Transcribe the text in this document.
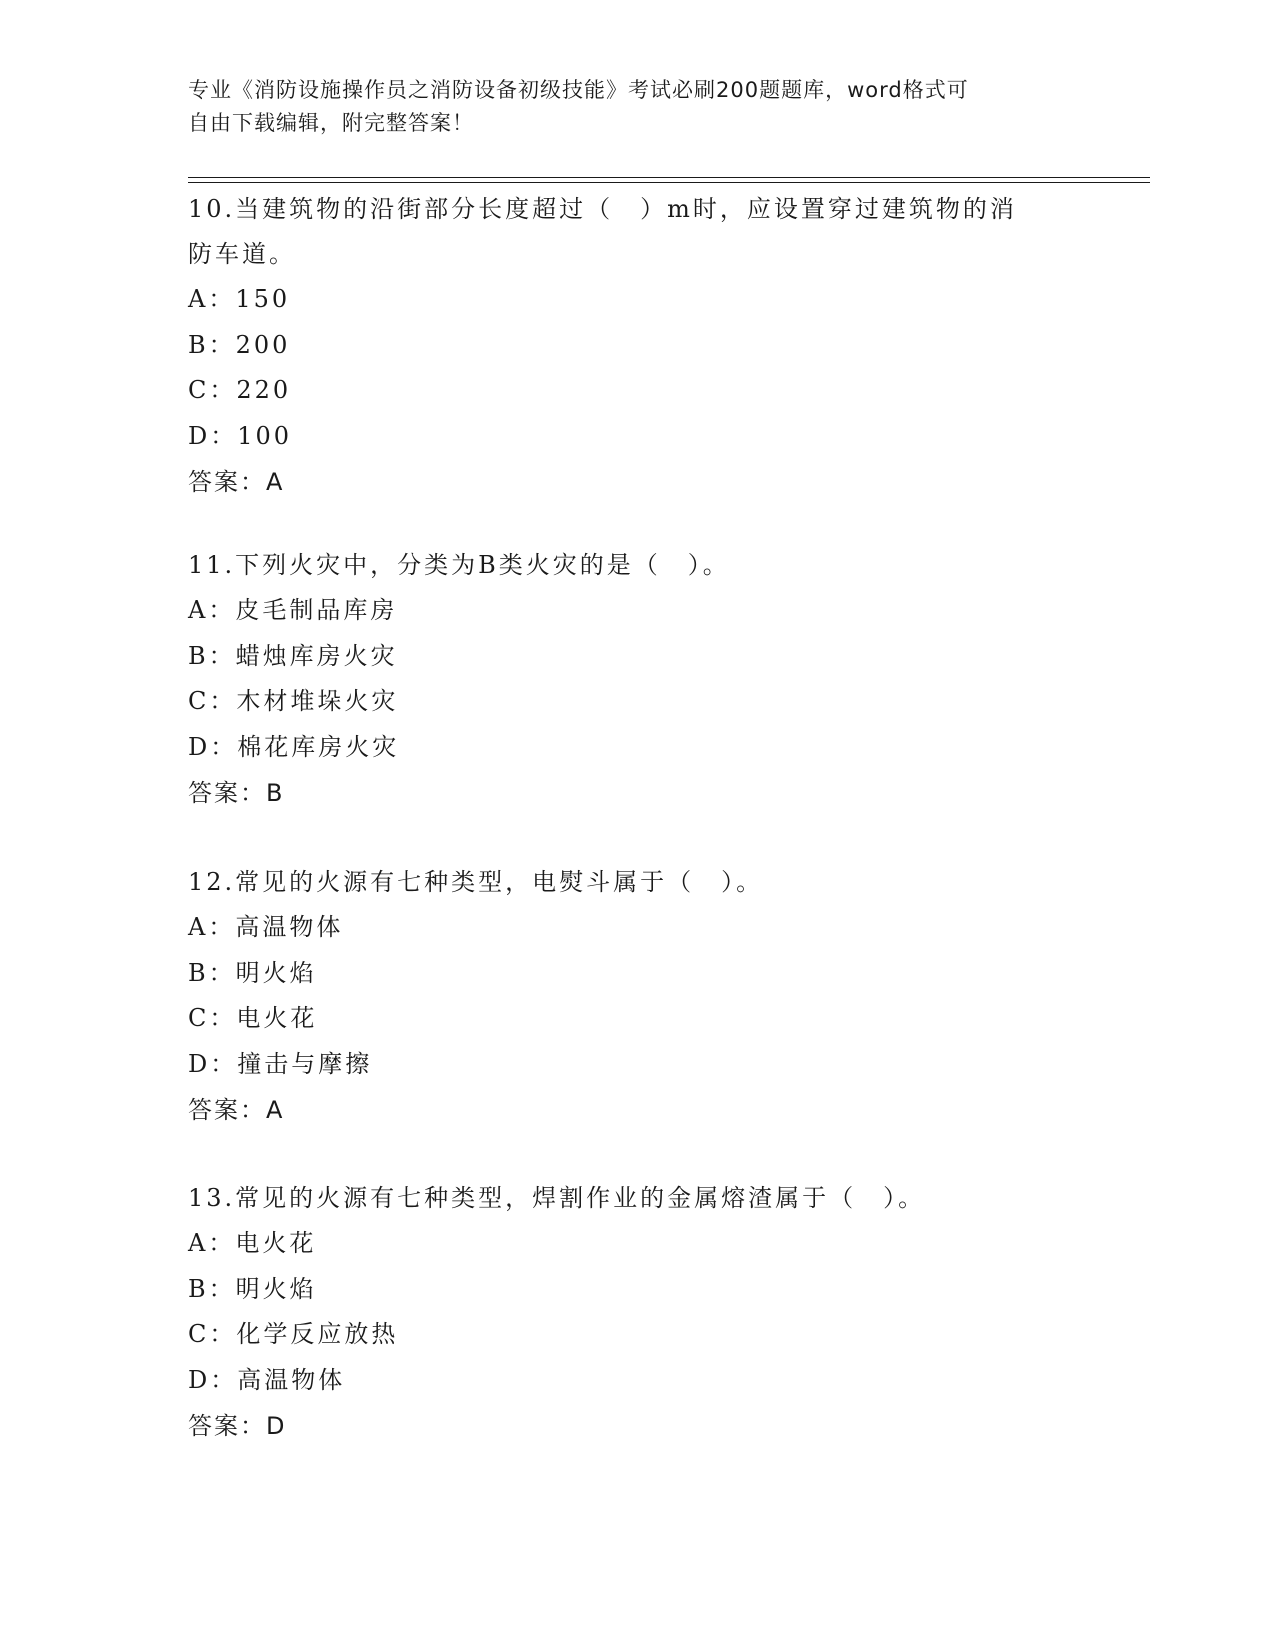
专业《消防设施操作员之消防设备初级技能》考试必刷200题题库，word格式可
自由下载编辑，附完整答案！
10.当建筑物的沿街部分长度超过（　）m时，应设置穿过建筑物的消
防车道。
A：150
B：200
C：220
D：100
答案：A
11.下列火灾中，分类为B类火灾的是（　）。
A：皮毛制品库房
B：蜡烛库房火灾
C：木材堆垛火灾
D：棉花库房火灾
答案：B
12.常见的火源有七种类型，电熨斗属于（　）。
A：高温物体
B：明火焰
C：电火花
D：撞击与摩擦
答案：A
13.常见的火源有七种类型，焊割作业的金属熔渣属于（　）。
A：电火花
B：明火焰
C：化学反应放热
D：高温物体
答案：D
